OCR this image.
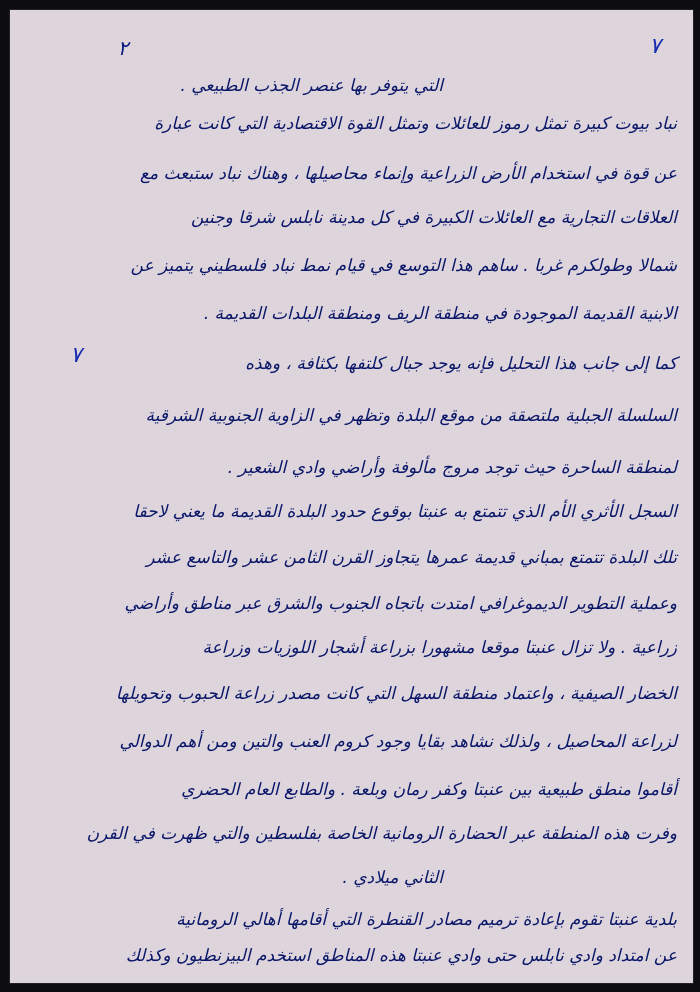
٢	٧
٧
التي يتوفر بها عنصر الجذب الطبيعي .
نباد بيوت كبيرة تمثل رموز للعائلات وتمثل القوة الاقتصادية التي كانت عبارة
عن قوة في استخدام الأرض الزراعية وإنماء محاصيلها ، وهناك نباد ستبعث مع
العلاقات التجارية مع العائلات الكبيرة في كل مدينة نابلس شرقا وجنين
شمالا وطولكرم غربا . ساهم هذا التوسع في قيام نمط نباد فلسطيني يتميز عن
الابنية القديمة الموجودة في منطقة الريف ومنطقة البلدات القديمة .
كما إلى جانب هذا التحليل فإنه يوجد جبال كلتفها بكثافة ، وهذه
السلسلة الجبلية ملتصقة من موقع البلدة وتظهر في الزاوية الجنوبية الشرقية
لمنطقة الساحرة حيث توجد مروج مألوفة وأراضي وادي الشعير .
السجل الأثري الأم الذي تتمتع به عنبتا بوقوع حدود البلدة القديمة ما يعني لاحقا
تلك البلدة تتمتع بمباني قديمة عمرها يتجاوز القرن الثامن عشر والتاسع عشر
وعملية التطوير الديموغرافي امتدت باتجاه الجنوب والشرق عبر مناطق وأراضي
زراعية . ولا تزال عنبتا موقعا مشهورا بزراعة أشجار اللوزيات وزراعة
الخضار الصيفية ، واعتماد منطقة السهل التي كانت مصدر زراعة الحبوب وتحويلها
لزراعة المحاصيل ، ولذلك نشاهد بقايا وجود كروم العنب والتين ومن أهم الدوالي
أقاموا منطق طبيعية بين عنبتا وكفر رمان وبلعة . والطابع العام الحضري
وفرت هذه المنطقة عبر الحضارة الرومانية الخاصة بفلسطين والتي ظهرت في القرن
الثاني ميلادي .
بلدية عنبتا تقوم بإعادة ترميم مصادر القنطرة التي أقامها أهالي الرومانية
عن امتداد وادي نابلس حتى وادي عنبتا هذه المناطق استخدم البيزنطيون وكذلك
